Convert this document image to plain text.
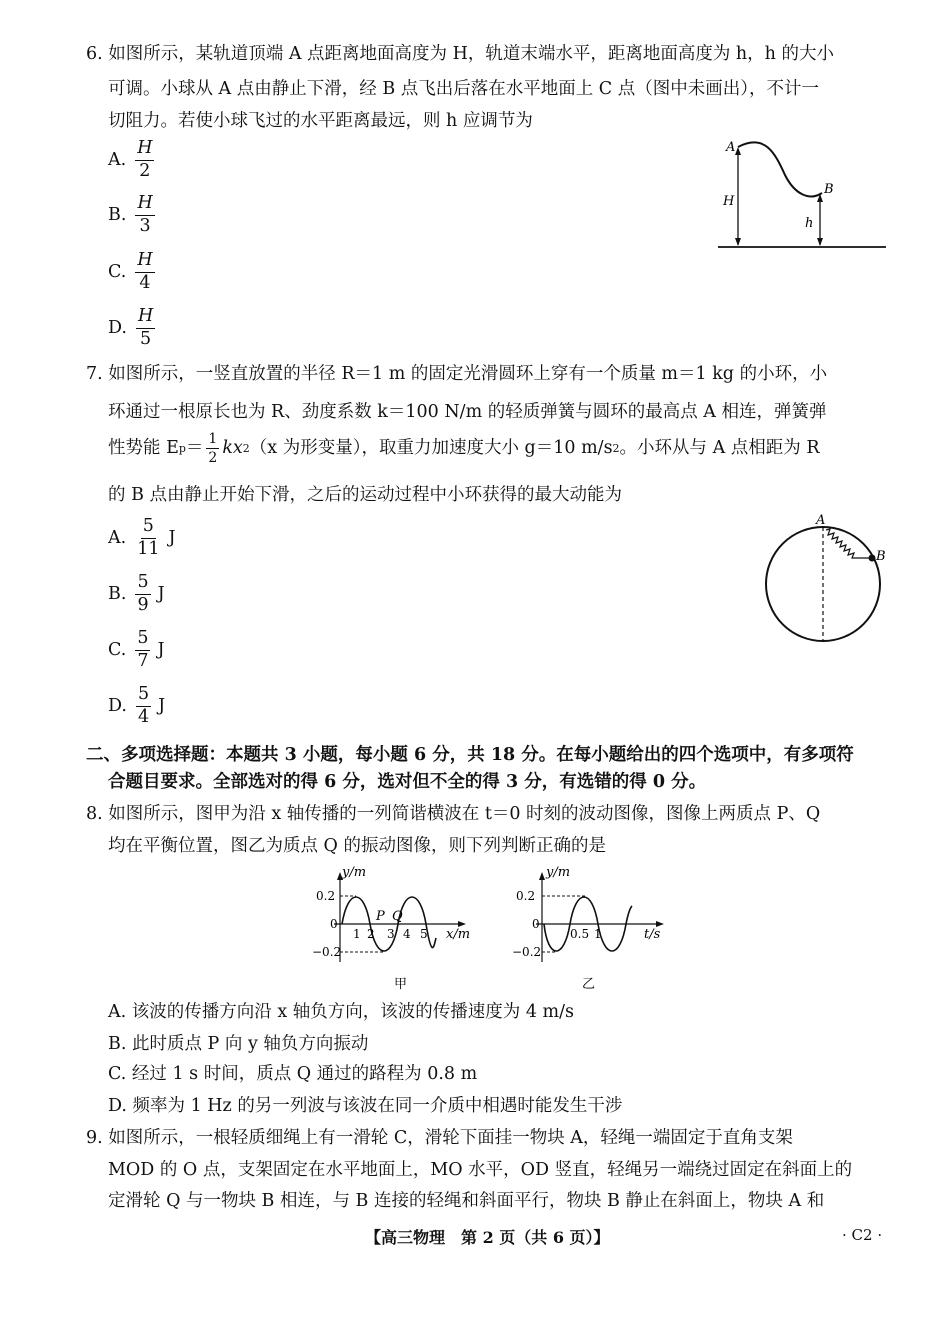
6. 如图所示，某轨道顶端 A 点距离地面高度为 H，轨道末端水平，距离地面高度为 h，h 的大小
可调。小球从 A 点由静止下滑，经 B 点飞出后落在水平地面上 C 点（图中未画出），不计一
切阻力。若使小球飞过的水平距离最远，则 h 应调节为
A. $\frac{H}{2}$
B. $\frac{H}{3}$
C. $\frac{H}{4}$
D. $\frac{H}{5}$
A
B
H
h
7. 如图所示，一竖直放置的半径 R＝1 m 的固定光滑圆环上穿有一个质量 m＝1 kg 的小环，小
环通过一根原长也为 R、劲度系数 k＝100 N/m 的轻质弹簧与圆环的最高点 A 相连，弹簧弹
性势能 E $p = \frac{1}{2}$ kx 2 （x 为形变量），取重力加速度大小 g＝10 m/s 2 。小环从与 A 点相距为 R
的 B 点由静止开始下滑，之后的运动过程中小环获得的最大动能为
A. $\frac{5}{11}$ J
B. $\frac{5}{9}$ J
C. $\frac{5}{7}$ J
D. $\frac{5}{4}$ J
A
B
二、多项选择题：本题共 3 小题，每小题 6 分，共 18 分。在每小题给出的四个选项中，有多项符
合题目要求。全部选对的得 6 分，选对但不全的得 3 分，有选错的得 0 分。
8. 如图所示，图甲为沿 x 轴传播的一列简谐横波在 t＝0 时刻的波动图像，图像上两质点 P、Q
均在平衡位置，图乙为质点 Q 的振动图像，则下列判断正确的是
y/m
x/m
0.2
−0.2
0
1 2 3 4 5
P Q
甲
y/m
t/s
0.2
−0.2
0
0.5 1
乙
A. 该波的传播方向沿 x 轴负方向，该波的传播速度为 4 m/s
B. 此时质点 P 向 y 轴负方向振动
C. 经过 1 s 时间，质点 Q 通过的路程为 0.8 m
D. 频率为 1 Hz 的另一列波与该波在同一介质中相遇时能发生干涉
9. 如图所示，一根轻质细绳上有一滑轮 C，滑轮下面挂一物块 A，轻绳一端固定于直角支架
MOD 的 O 点，支架固定在水平地面上，MO 水平，OD 竖直，轻绳另一端绕过固定在斜面上的
定滑轮 Q 与一物块 B 相连，与 B 连接的轻绳和斜面平行，物块 B 静止在斜面上，物块 A 和
【高三物理　第 2 页（共 6 页）】	· C2 ·
